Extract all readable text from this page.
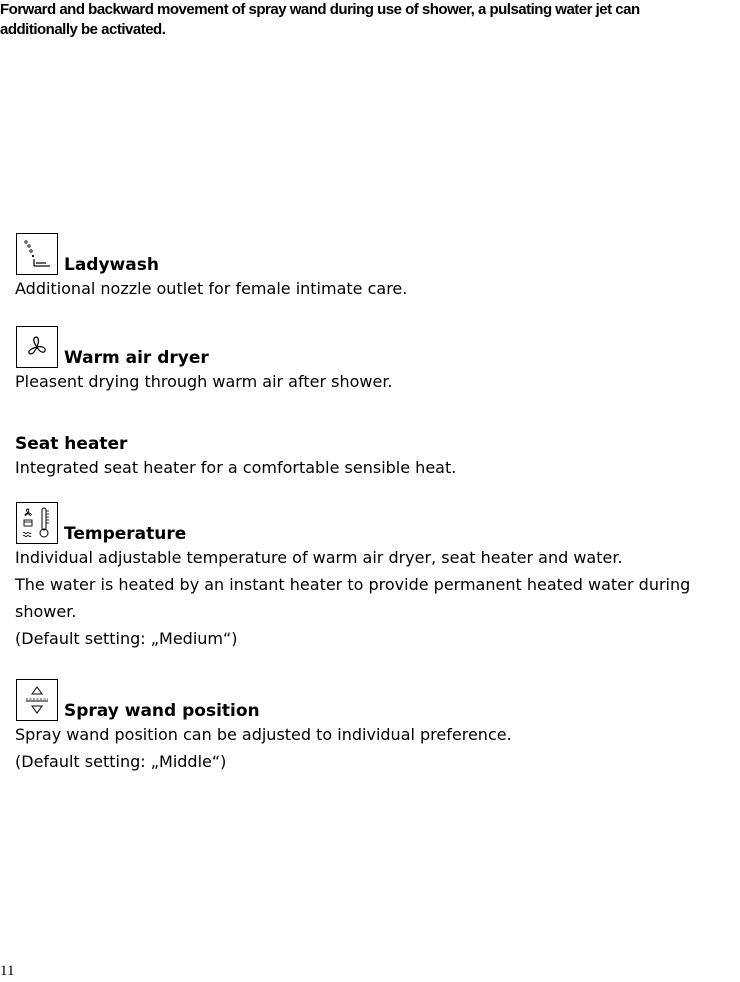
Forward and backward movement of spray wand during use of shower, a pulsating water jet can
additionally be activated.
Ladywash
Additional nozzle outlet for female intimate care.
Warm air dryer
Pleasent drying through warm air after shower.
Seat heater
Integrated seat heater for a comfortable sensible heat.
Temperature
Individual adjustable temperature of warm air dryer, seat heater and water.
The water is heated by an instant heater to provide permanent heated water during
shower.
(Default setting: „Medium“)
Spray wand position
Spray wand position can be adjusted to individual preference.
(Default setting: „Middle“)
11
